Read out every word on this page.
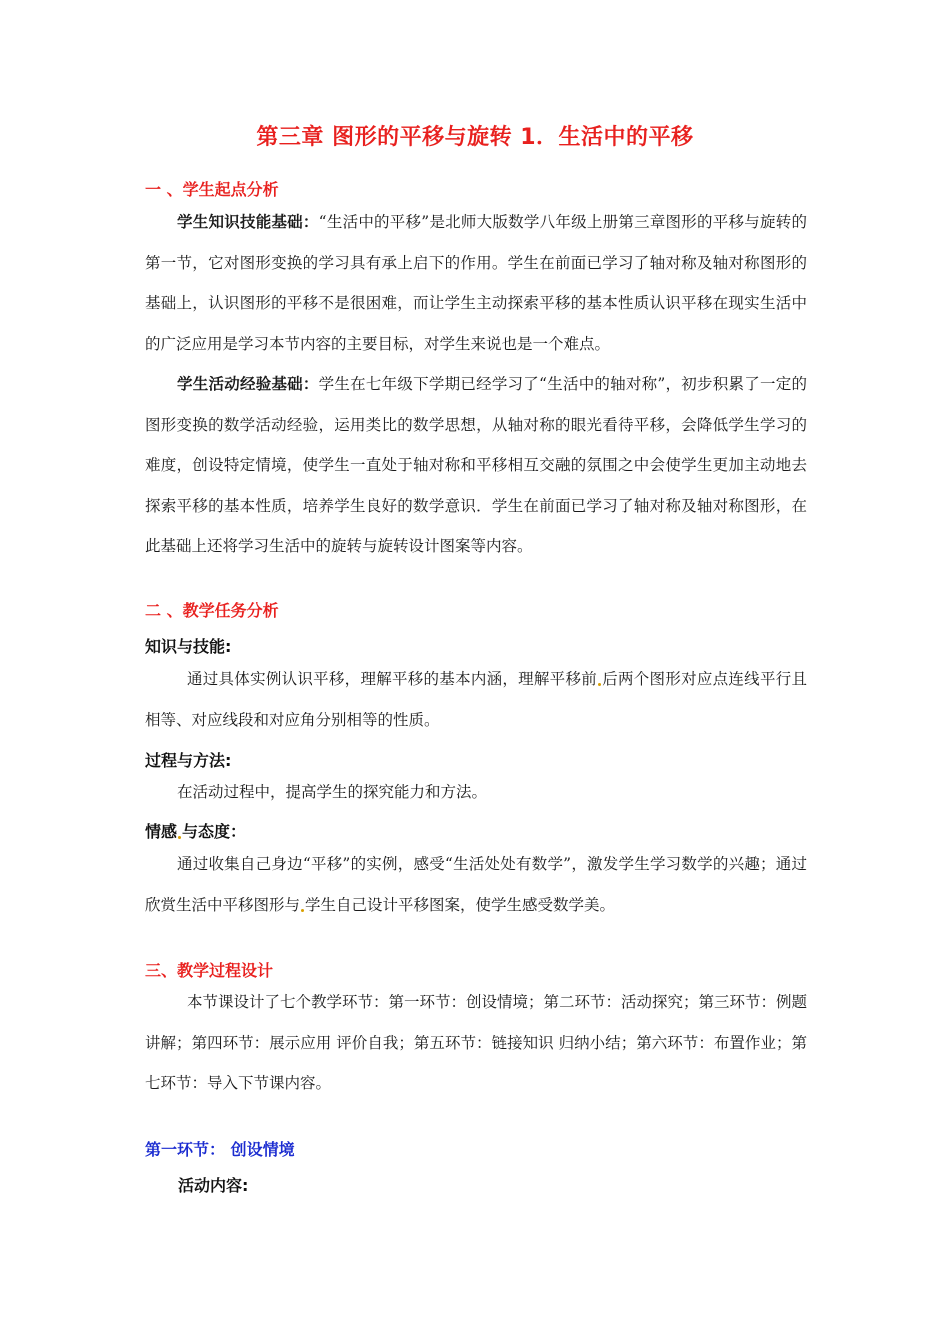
第三章 图形的平移与旋转 1．生活中的平移
一 、学生起点分析

学生知识技能基础：“生活中的平移”是北师大版数学八年级上册第三章图形的平移与旋转的第一节，它对图形变换的学习具有承上启下的作用。学生在前面已学习了轴对称及轴对称图形的基础上，认识图形的平移不是很困难，而让学生主动探索平移的基本性质认识平移在现实生活中的广泛应用是学习本节内容的主要目标，对学生来说也是一个难点。

学生活动经验基础：学生在七年级下学期已经学习了“生活中的轴对称”，初步积累了一定的图形变换的数学活动经验，运用类比的数学思想，从轴对称的眼光看待平移，会降低学生学习的难度，创设特定情境，使学生一直处于轴对称和平移相互交融的氛围之中会使学生更加主动地去探索平移的基本性质，培养学生良好的数学意识．学生在前面已学习了轴对称及轴对称图形，在此基础上还将学习生活中的旋转与旋转设计图案等内容。

二 、教学任务分析
知识与技能:

通过具体实例认识平移，理解平移的基本内涵，理解平移前 后两个图形对应点连线平行且相等、对应线段和对应角分别相等的性质。

过程与方法:

在活动过程中，提高学生的探究能力和方法。

情感 与态度：

通过收集自己身边“平移”的实例，感受“生活处处有数学”，激发学生学习数学的兴趣；通过欣赏生活中平移图形与 学生自己设计平移图案，使学生感受数学美。

三、教学过程设计

本节课设计了七个教学环节：第一环节：创设情境；第二环节：活动探究；第三环节：例题讲解；第四环节：展示应用 评价自我；第五环节：链接知识 归纳小结；第六环节：布置作业；第七环节：导入下节课内容。

第一环节： 创设情境
活动内容:
